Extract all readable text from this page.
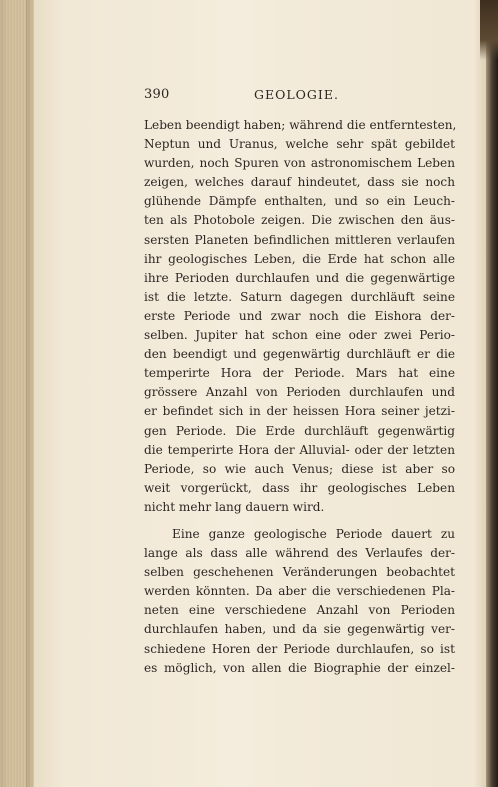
390	GEOLOGIE.
Leben beendigt haben; während die entferntesten,
Neptun und Uranus, welche sehr spät gebildet
wurden, noch Spuren von astronomischem Leben
zeigen, welches darauf hindeutet, dass sie noch
glühende Dämpfe enthalten, und so ein Leuch-
ten als Photobole zeigen. Die zwischen den äus-
sersten Planeten befindlichen mittleren verlaufen
ihr geologisches Leben, die Erde hat schon alle
ihre Perioden durchlaufen und die gegenwärtige
ist die letzte. Saturn dagegen durchläuft seine
erste Periode und zwar noch die Eishora der-
selben. Jupiter hat schon eine oder zwei Perio-
den beendigt und gegenwärtig durchläuft er die
temperirte Hora der Periode. Mars hat eine
grössere Anzahl von Perioden durchlaufen und
er befindet sich in der heissen Hora seiner jetzi-
gen Periode. Die Erde durchläuft gegenwärtig
die temperirte Hora der Alluvial- oder der letzten
Periode, so wie auch Venus; diese ist aber so
weit vorgerückt, dass ihr geologisches Leben
nicht mehr lang dauern wird.
Eine ganze geologische Periode dauert zu
lange als dass alle während des Verlaufes der-
selben geschehenen Veränderungen beobachtet
werden könnten. Da aber die verschiedenen Pla-
neten eine verschiedene Anzahl von Perioden
durchlaufen haben, und da sie gegenwärtig ver-
schiedene Horen der Periode durchlaufen, so ist
es möglich, von allen die Biographie der einzel-
